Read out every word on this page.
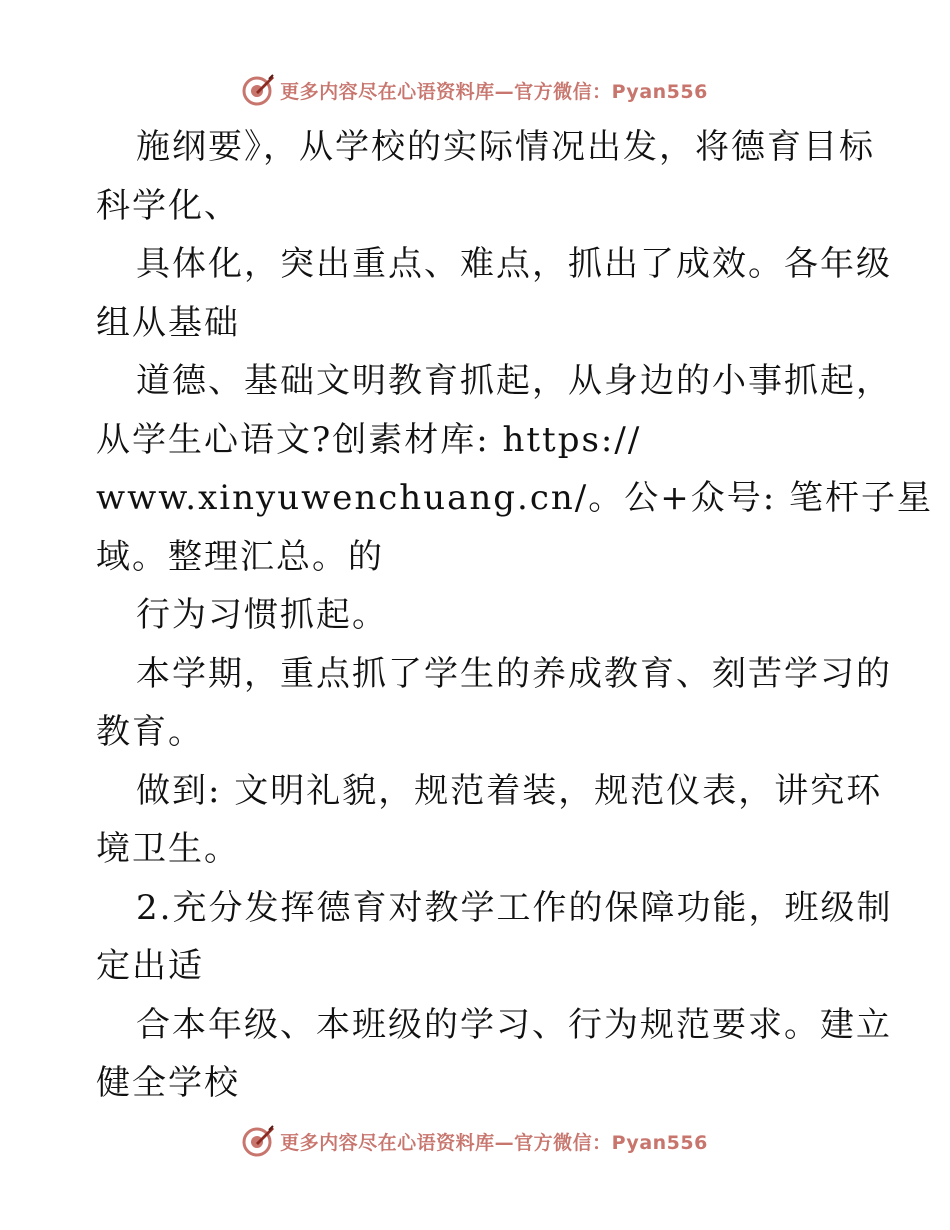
更多内容尽在心语资料库—官方微信：Pyan556
施纲要》，从学校的实际情况出发，将德育目标
科学化、
具体化，突出重点、难点，抓出了成效。各年级
组从基础
道德、基础文明教育抓起，从身边的小事抓起，
从学生心语文?创素材库: https://
www.xinyuwenchuang.cn/。公+众号: 笔杆子星
域。整理汇总。的
行为习惯抓起。
本学期，重点抓了学生的养成教育、刻苦学习的
教育。
做到: 文明礼貌，规范着装，规范仪表，讲究环
境卫生。
2.充分发挥德育对教学工作的保障功能，班级制
定出适
合本年级、本班级的学习、行为规范要求。建立
健全学校
更多内容尽在心语资料库—官方微信：Pyan556
